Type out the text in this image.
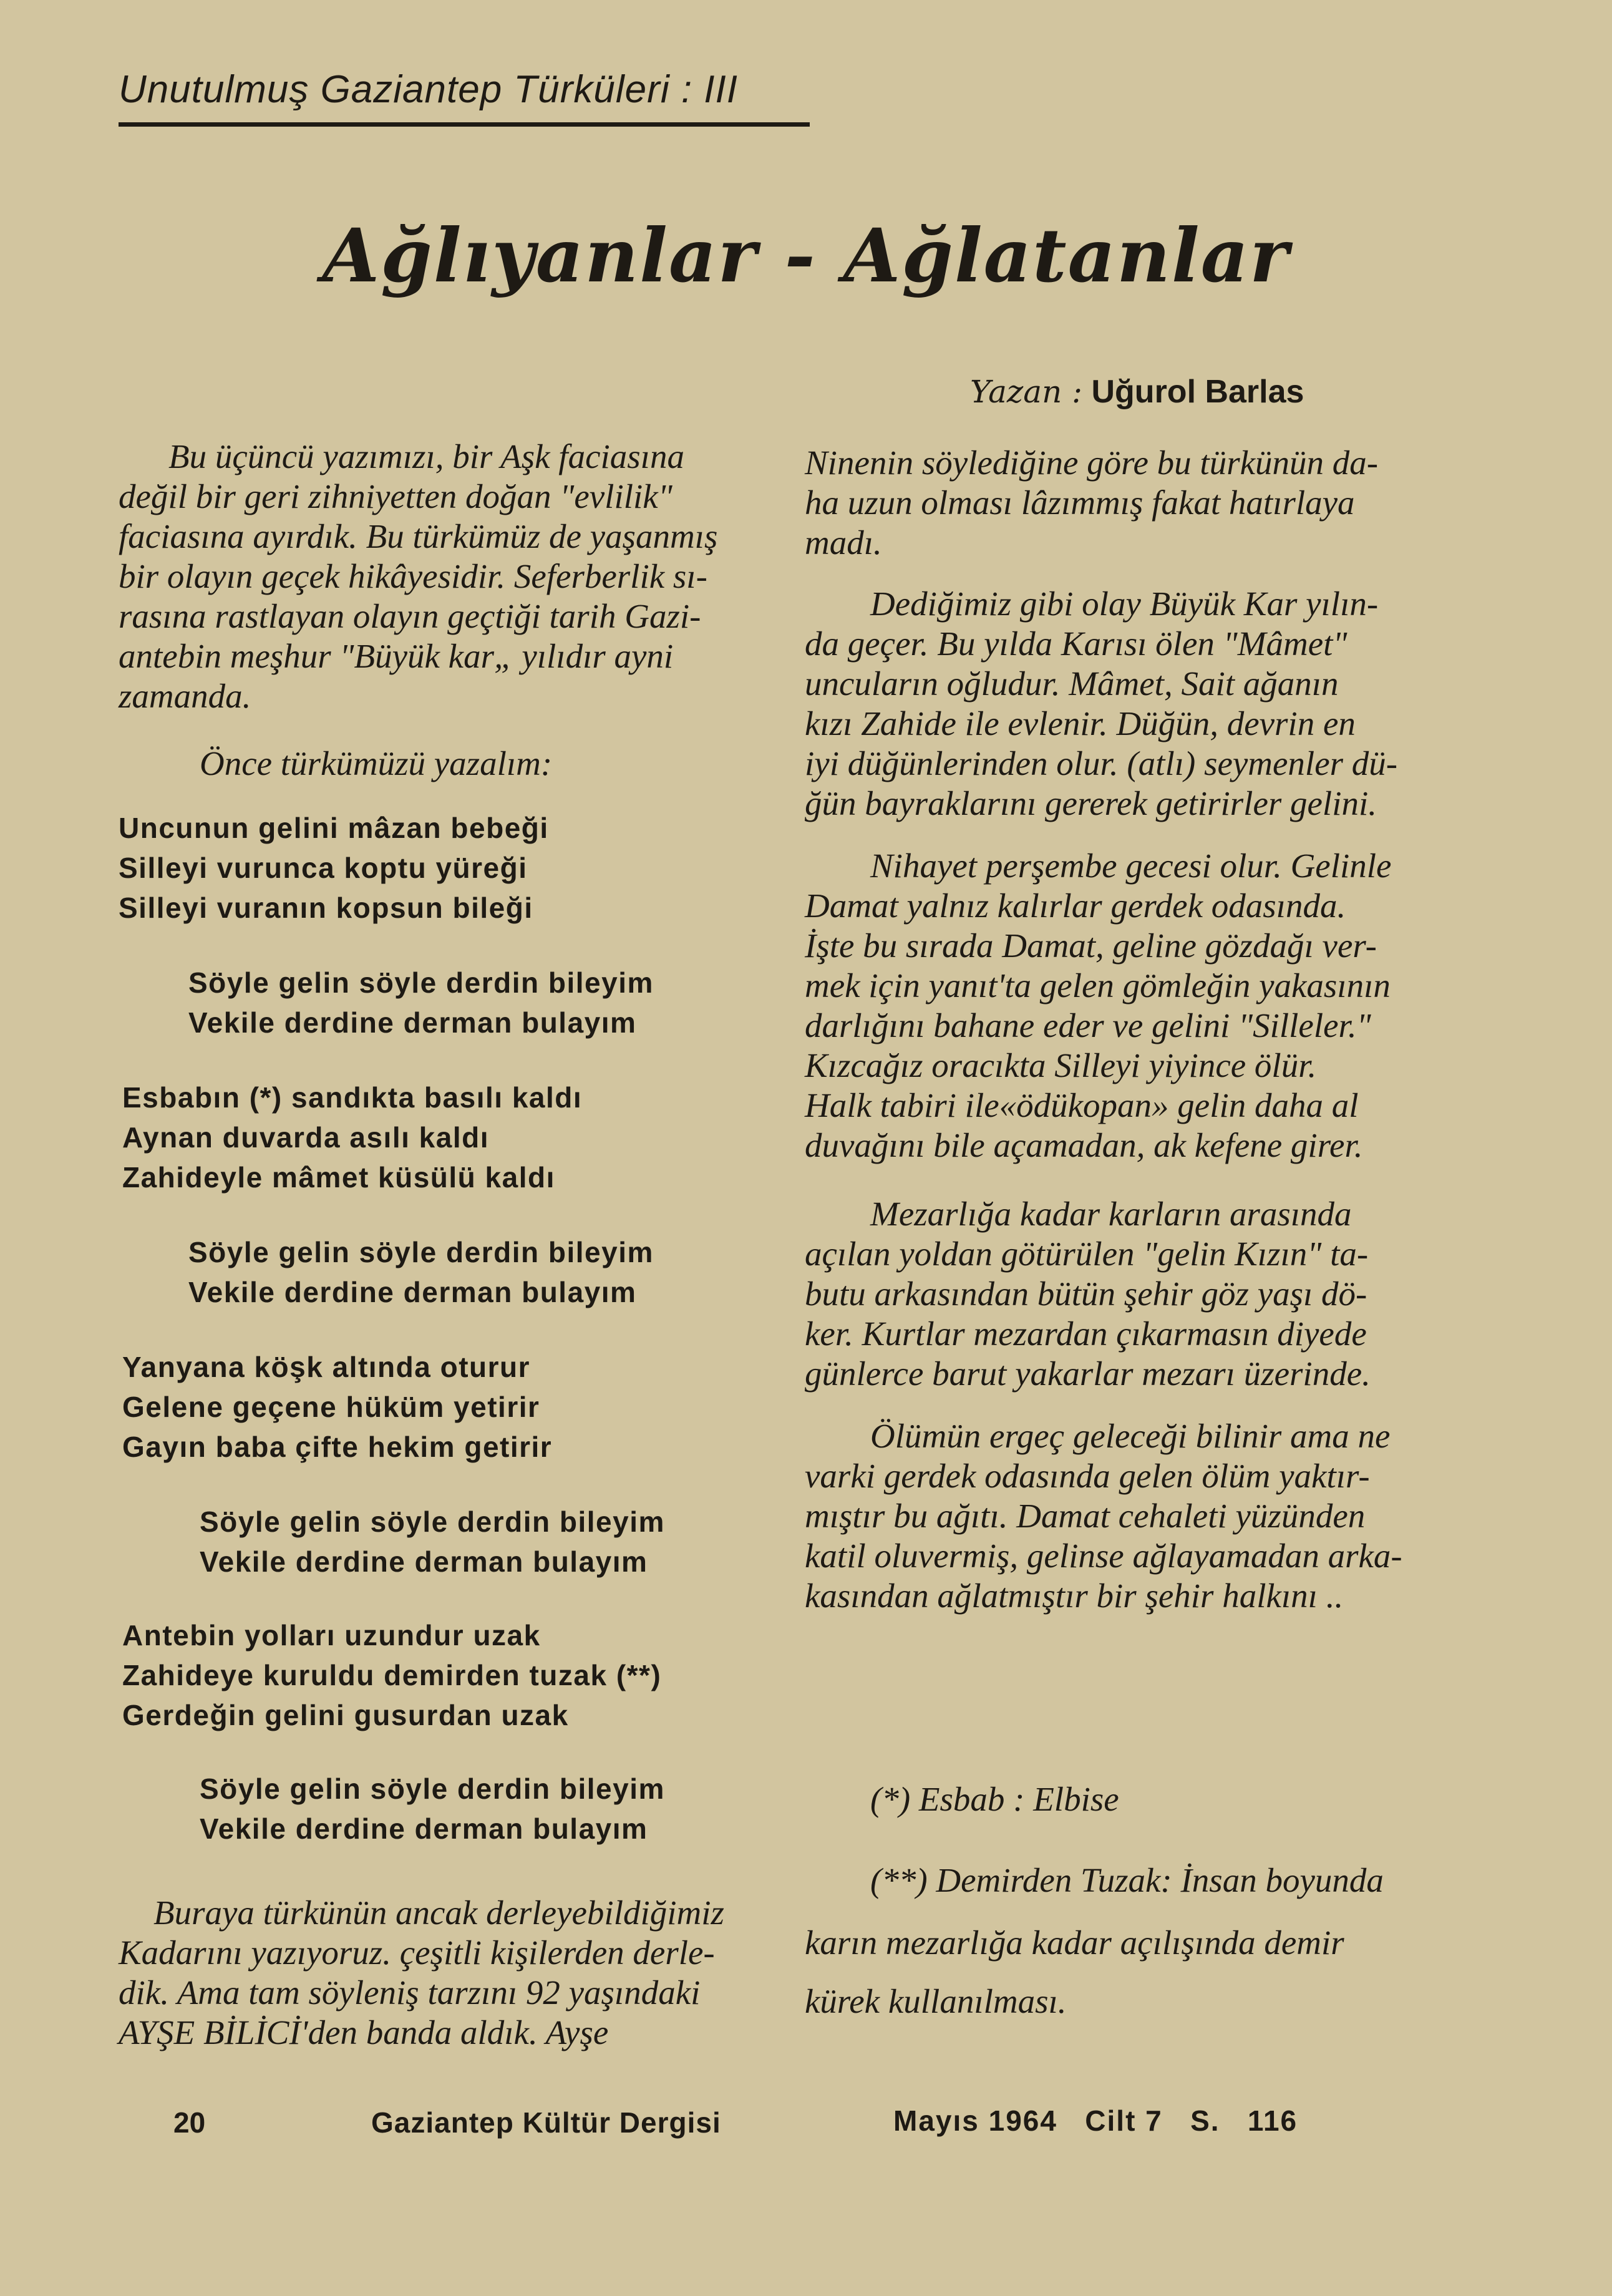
Unutulmuş Gaziantep Türküleri : III
Ağlıyanlar - Ağlatanlar
Yazan : Uğurol Barlas
Bu üçüncü yazımızı, bir Aşk faciasına
değil bir geri zihniyetten doğan "evlilik"
faciasına ayırdık. Bu türkümüz de yaşanmış
bir olayın geçek hikâyesidir. Seferberlik sı-
rasına rastlayan olayın geçtiği tarih Gazi-
antebin meşhur "Büyük kar„ yılıdır ayni
zamanda.
Önce türkümüzü yazalım:
Uncunun gelini mâzan bebeği
Silleyi vurunca koptu yüreği
Silleyi vuranın kopsun bileği
Söyle gelin söyle derdin bileyim
Vekile derdine derman bulayım
Esbabın (*) sandıkta basılı kaldı
Aynan duvarda asılı kaldı
Zahideyle mâmet küsülü kaldı
Söyle gelin söyle derdin bileyim
Vekile derdine derman bulayım
Yanyana köşk altında oturur
Gelene geçene hüküm yetirir
Gayın baba çifte hekim getirir
Söyle gelin söyle derdin bileyim
Vekile derdine derman bulayım
Antebin yolları uzundur uzak
Zahideye kuruldu demirden tuzak (**)
Gerdeğin gelini gusurdan uzak
Söyle gelin söyle derdin bileyim
Vekile derdine derman bulayım
Buraya türkünün ancak derleyebildiğimiz
Kadarını yazıyoruz. çeşitli kişilerden derle-
dik. Ama tam söyleniş tarzını 92 yaşındaki
AYŞE BİLİCİ'den banda aldık. Ayşe
Ninenin söylediğine göre bu türkünün da-
ha uzun olması lâzımmış fakat hatırlaya
madı.
Dediğimiz gibi olay Büyük Kar yılın-
da geçer. Bu yılda Karısı ölen "Mâmet"
uncuların oğludur. Mâmet, Sait ağanın
kızı Zahide ile evlenir. Düğün, devrin en
iyi düğünlerinden olur. (atlı) seymenler dü-
ğün bayraklarını gererek getirirler gelini.
Nihayet perşembe gecesi olur. Gelinle
Damat yalnız kalırlar gerdek odasında.
İşte bu sırada Damat, geline gözdağı ver-
mek için yanıt'ta gelen gömleğin yakasının
darlığını bahane eder ve gelini "Silleler."
Kızcağız oracıkta Silleyi yiyince ölür.
Halk tabiri ile«ödükopan» gelin daha al
duvağını bile açamadan, ak kefene girer.
Mezarlığa kadar karların arasında
açılan yoldan götürülen "gelin Kızın" ta-
butu arkasından bütün şehir göz yaşı dö-
ker. Kurtlar mezardan çıkarmasın diyede
günlerce barut yakarlar mezarı üzerinde.
Ölümün ergeç geleceği bilinir ama ne
varki gerdek odasında gelen ölüm yaktır-
mıştır bu ağıtı. Damat cehaleti yüzünden
katil oluvermiş, gelinse ağlayamadan arka-
kasından ağlatmıştır bir şehir halkını ..
(*) Esbab : Elbise
(**) Demirden Tuzak: İnsan boyunda
karın mezarlığa kadar açılışında demir
kürek kullanılması.
20	Gaziantep Kültür Dergisi	Mayıs 1964   Cilt 7   S.   116
